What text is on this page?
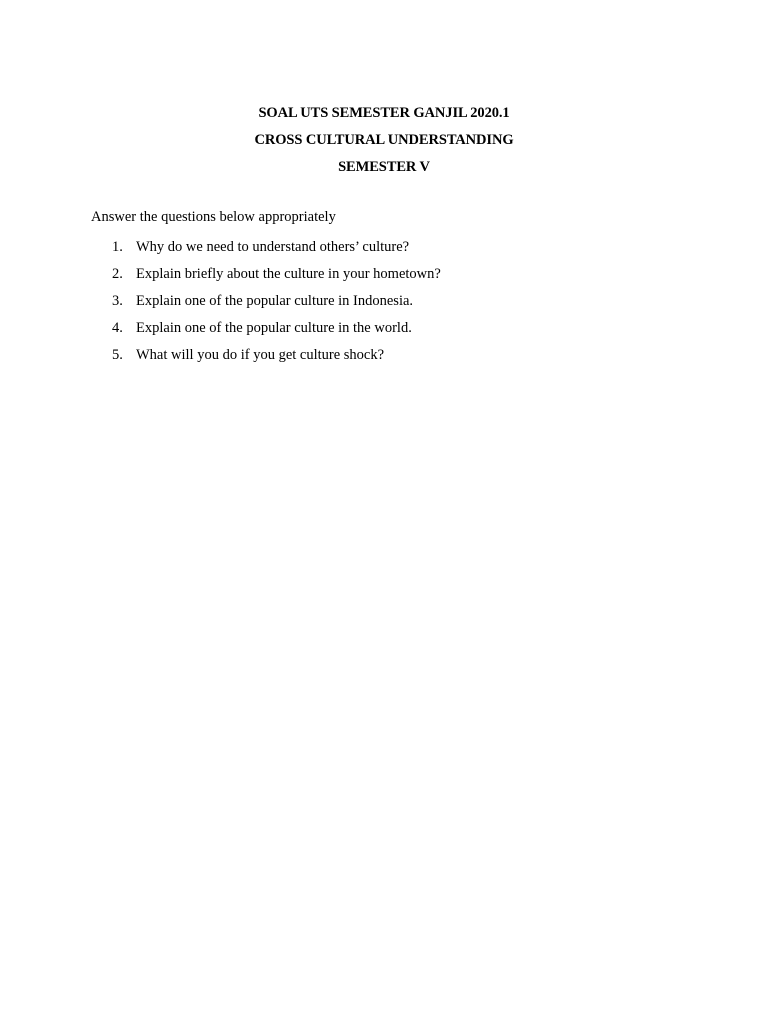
SOAL UTS SEMESTER GANJIL 2020.1
CROSS CULTURAL UNDERSTANDING
SEMESTER V
Answer the questions below appropriately
1. Why do we need to understand others’ culture?
2. Explain briefly about the culture in your hometown?
3. Explain one of the popular culture in Indonesia.
4. Explain one of the popular culture in the world.
5. What will you do if you get culture shock?
